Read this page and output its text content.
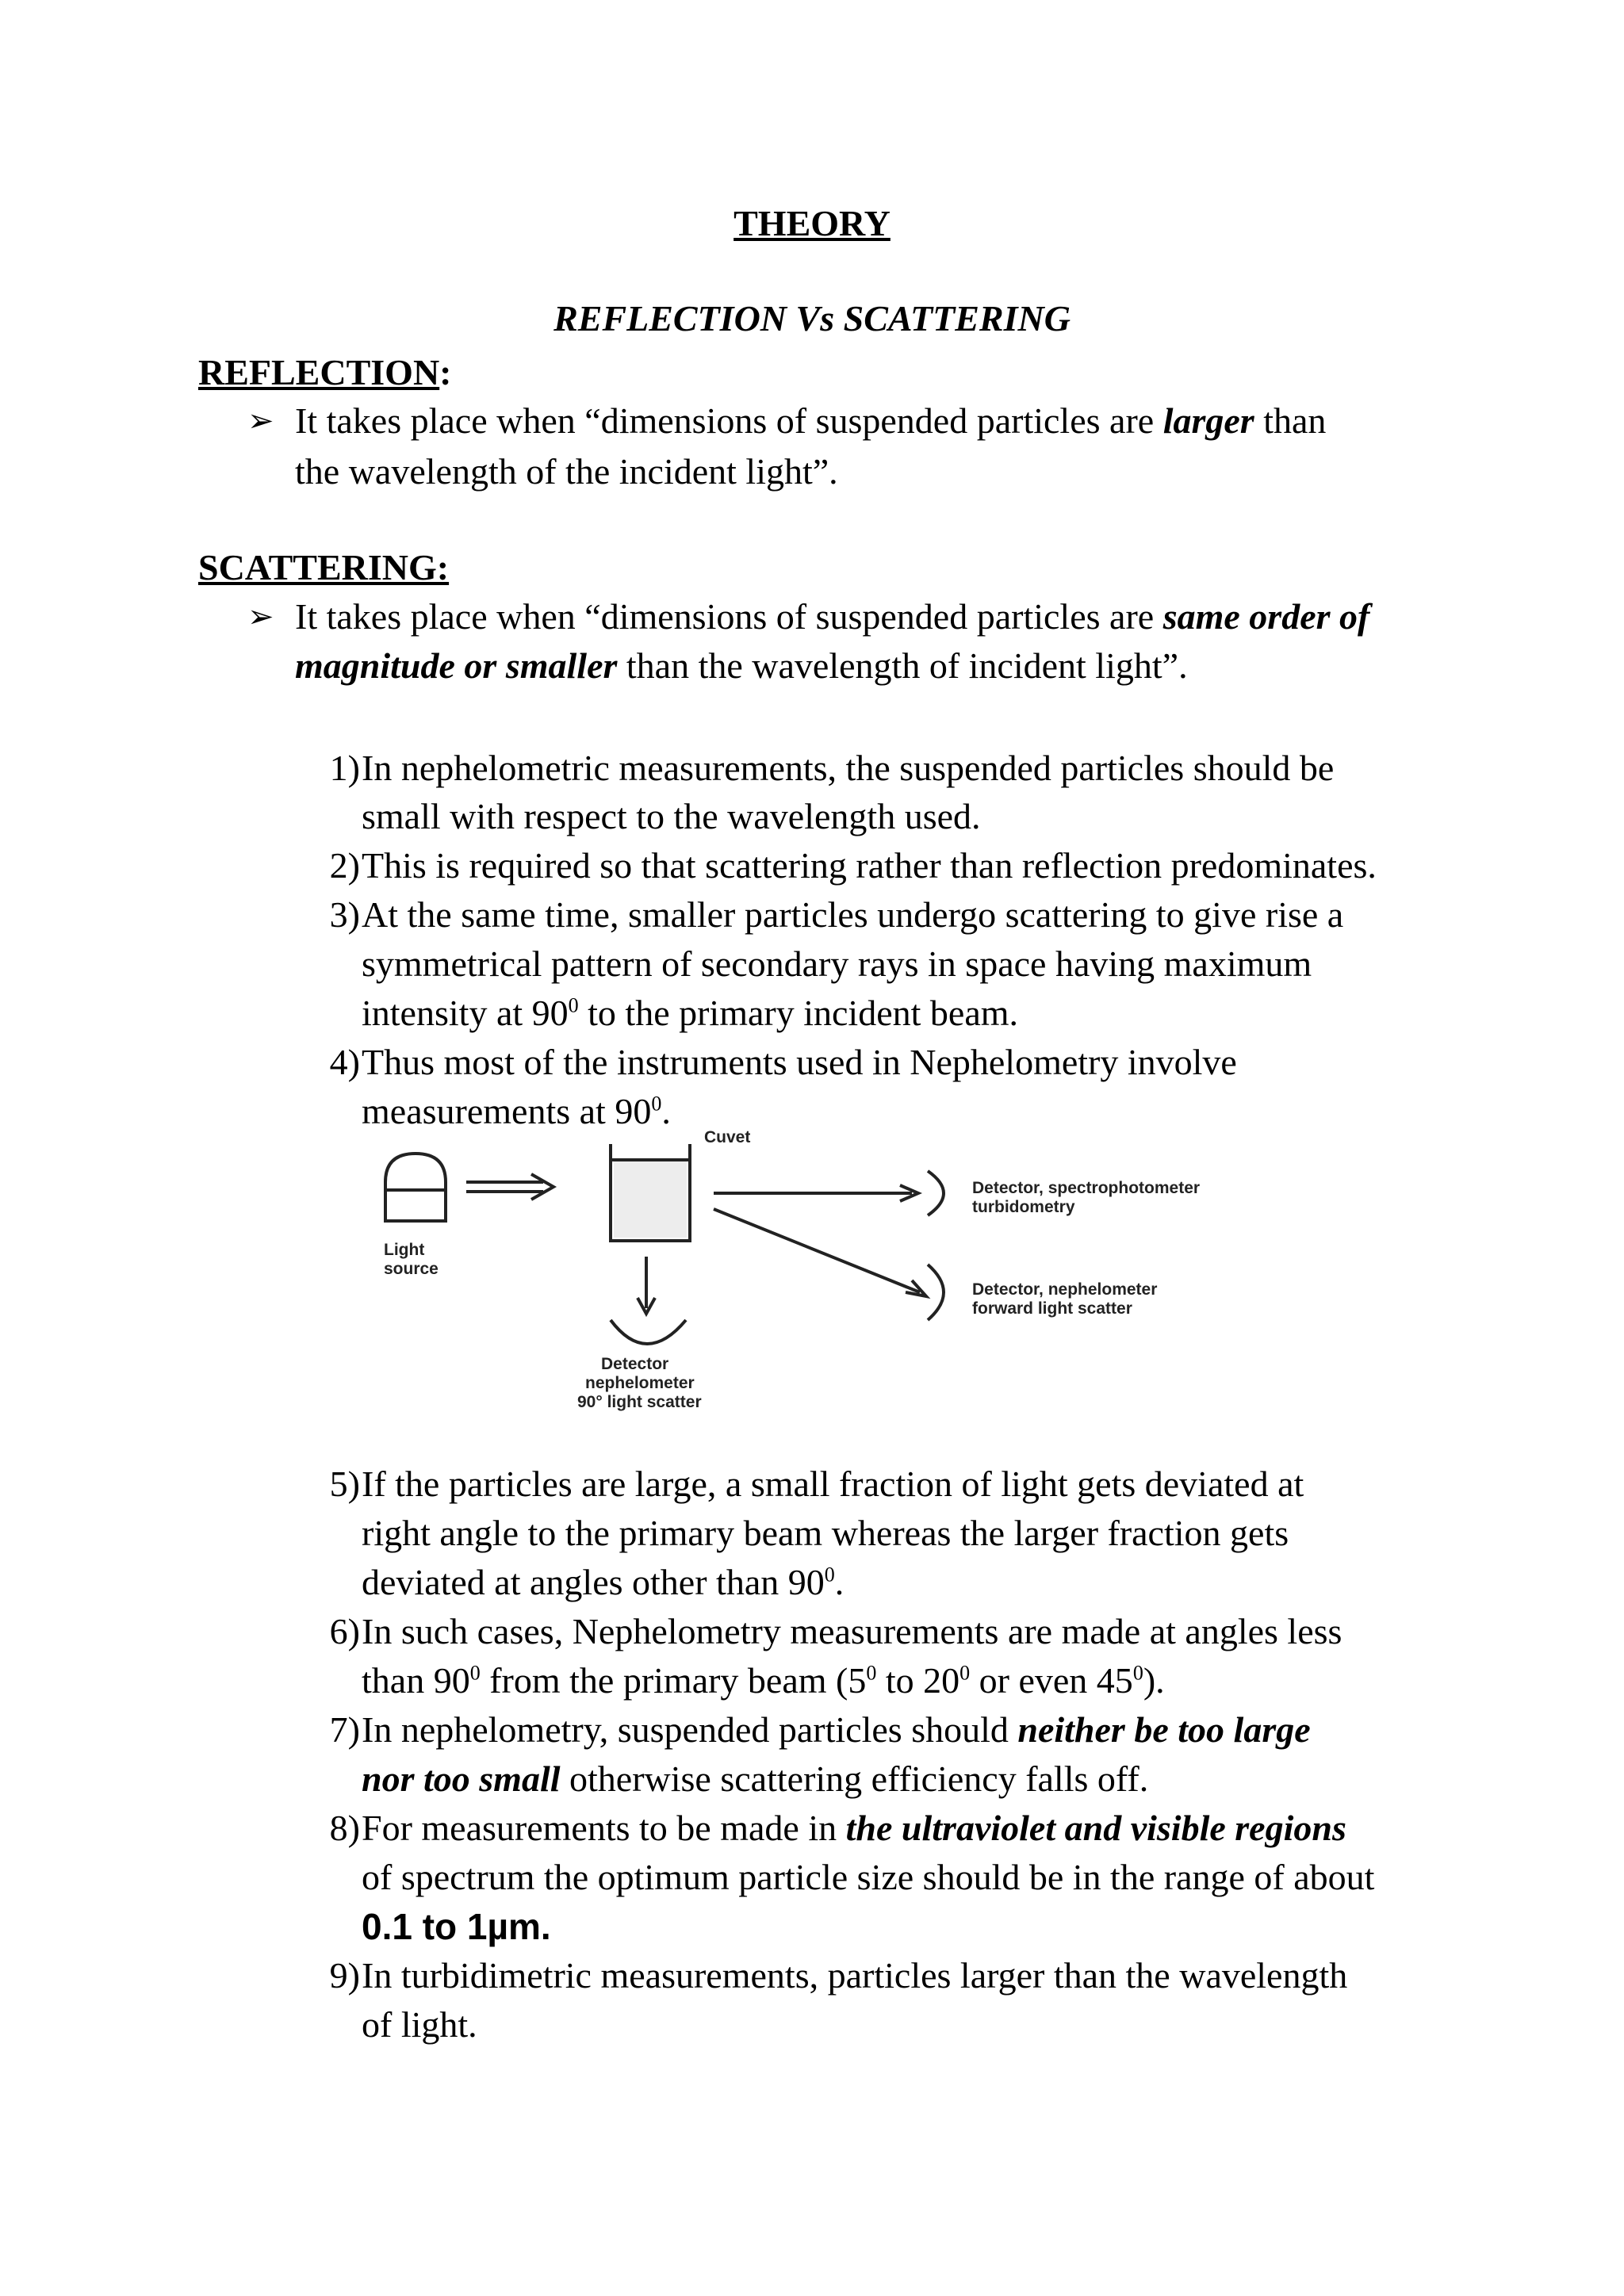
THEORY
REFLECTION Vs SCATTERING
REFLECTION:
➢ It takes place when “dimensions of suspended particles are larger than
the wavelength of the incident light”.
SCATTERING:
➢ It takes place when “dimensions of suspended particles are same order of
magnitude or smaller than the wavelength of incident light”.
1) In nephelometric measurements, the suspended particles should be
small with respect to the wavelength used.
2) This is required so that scattering rather than reflection predominates.
3) At the same time, smaller particles undergo scattering to give rise a
symmetrical pattern of secondary rays in space having maximum
intensity at $90^0$ to the primary incident beam.
4) Thus most of the instruments used in Nephelometry involve
measurements at $90^0$.
Cuvet
Light
source
Detector, spectrophotometer
turbidometry
Detector, nephelometer
forward light scatter
Detector
nephelometer
90° light scatter
5) If the particles are large, a small fraction of light gets deviated at
right angle to the primary beam whereas the larger fraction gets
deviated at angles other than $90^0$.
6) In such cases, Nephelometry measurements are made at angles less
than $90^0$ from the primary beam ($5^0$ to $20^0$ or even $45^0$).
7) In nephelometry, suspended particles should neither be too large
nor too small otherwise scattering efficiency falls off.
8) For measurements to be made in the ultraviolet and visible regions
of spectrum the optimum particle size should be in the range of about
0.1 to 1µm.
9) In turbidimetric measurements, particles larger than the wavelength
of light.
